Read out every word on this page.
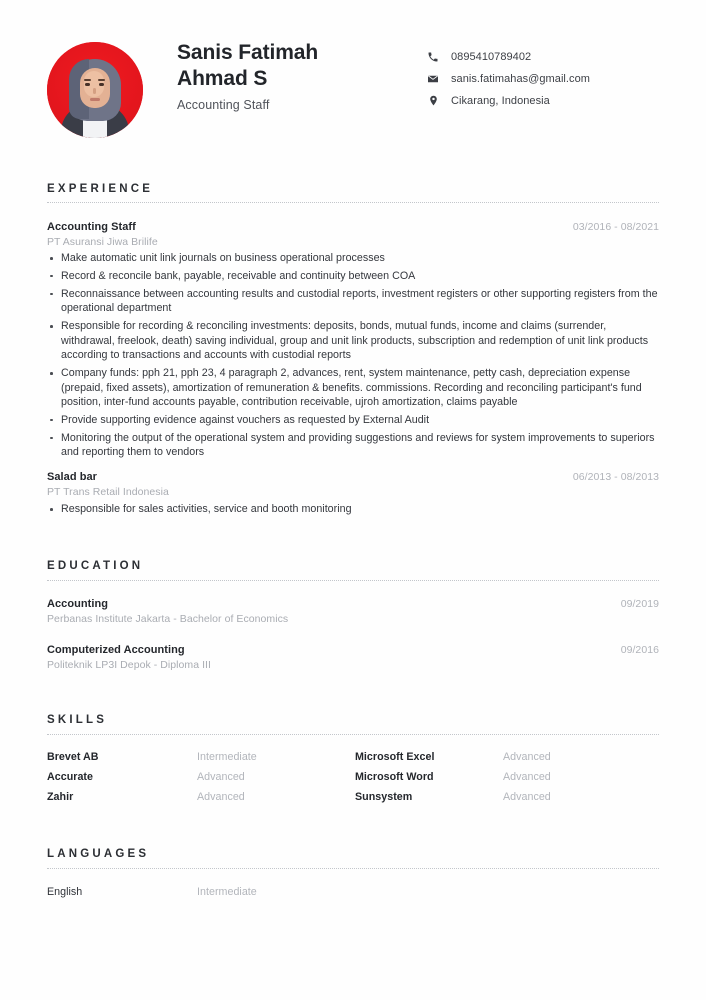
Sanis Fatimah
Ahmad S
Accounting Staff
0895410789402
sanis.fatimahas@gmail.com
Cikarang, Indonesia
EXPERIENCE
Accounting Staff	03/2016 - 08/2021
PT Asuransi Jiwa Brilife
Make automatic unit link journals on business operational processes
Record & reconcile bank, payable, receivable and continuity between COA
Reconnaissance between accounting results and custodial reports, investment registers or other supporting registers from the operational department
Responsible for recording & reconciling investments: deposits, bonds, mutual funds, income and claims (surrender, withdrawal, freelook, death) saving individual, group and unit link products, subscription and redemption of unit link products according to transactions and accounts with custodial reports
Company funds: pph 21, pph 23, 4 paragraph 2, advances, rent, system maintenance, petty cash, depreciation expense (prepaid, fixed assets), amortization of remuneration & benefits. commissions. Recording and reconciling participant's fund position, inter-fund accounts payable, contribution receivable, ujroh amortization, claims payable
Provide supporting evidence against vouchers as requested by External Audit
Monitoring the output of the operational system and providing suggestions and reviews for system improvements to superiors and reporting them to vendors
Salad bar	06/2013 - 08/2013
PT Trans Retail Indonesia
Responsible for sales activities, service and booth monitoring
EDUCATION
Accounting	09/2019
Perbanas Institute Jakarta - Bachelor of Economics
Computerized Accounting	09/2016
Politeknik LP3I Depok - Diploma III
SKILLS
Brevet AB	Intermediate	Microsoft Excel	Advanced
Accurate	Advanced	Microsoft Word	Advanced
Zahir	Advanced	Sunsystem	Advanced
LANGUAGES
English	Intermediate
